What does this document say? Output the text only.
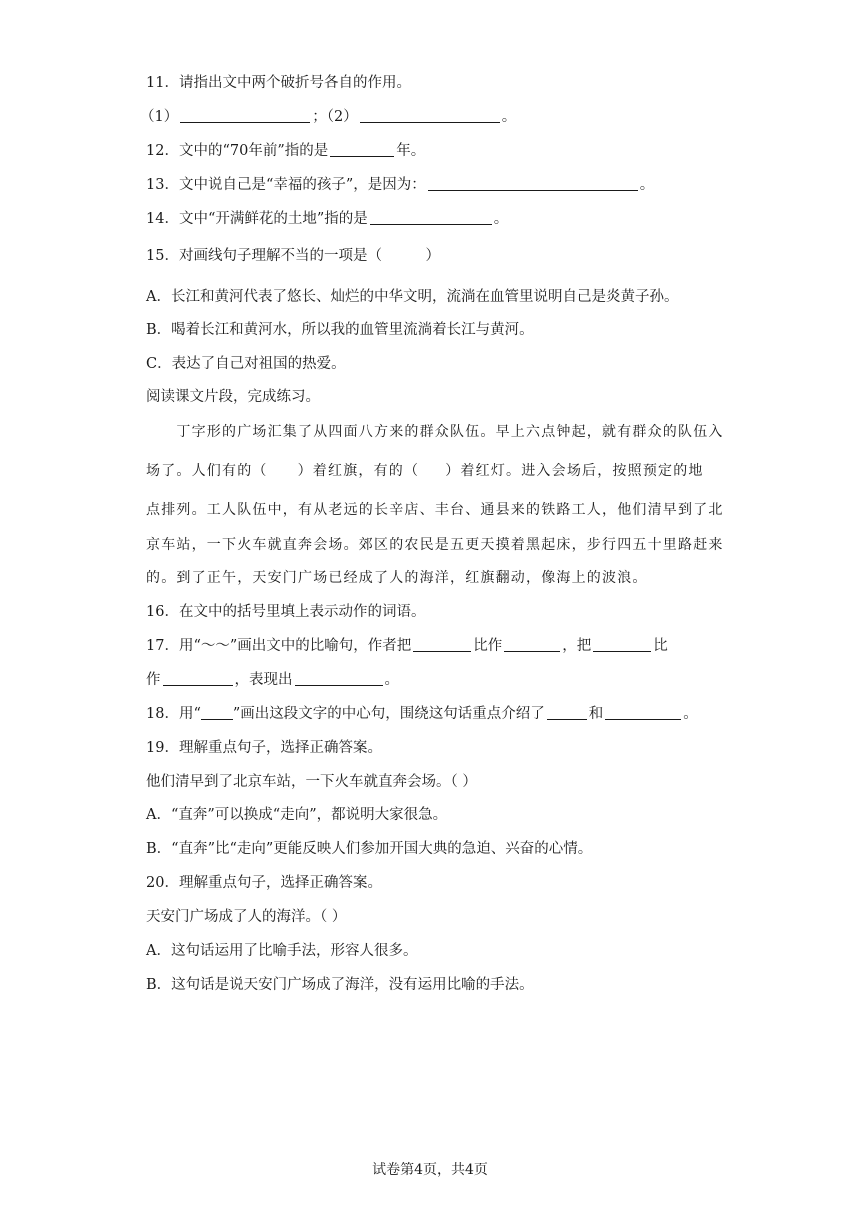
11．请指出文中两个破折号各自的作用。
（1）	；（2）	。
12．文中的“70年前”指的是	年。
13．文中说自己是“幸福的孩子”，是因为：	。
14．文中“开满鲜花的土地”指的是	。
15．对画线句子理解不当的一项是（　　　）
A．长江和黄河代表了悠长、灿烂的中华文明，流淌在血管里说明自己是炎黄子孙。
B．喝着长江和黄河水，所以我的血管里流淌着长江与黄河。
C．表达了自己对祖国的热爱。
阅读课文片段，完成练习。
　　丁字形的广场汇集了从四面八方来的群众队伍。早上六点钟起，就有群众的队伍入
场了。人们有的（ ）着红旗，有的（ ）着红灯。进入会场后，按照预定的地
点排列。工人队伍中，有从老远的长辛店、丰台、通县来的铁路工人，他们清早到了北
京车站，一下火车就直奔会场。郊区的农民是五更天摸着黑起床，步行四五十里路赶来
的。到了正午，天安门广场已经成了人的海洋，红旗翻动，像海上的波浪。
16．在文中的括号里填上表示动作的词语。
17．用“～～”画出文中的比喻句，作者把	比作	，把	比
作	，表现出	。
18．用“ ”画出这段文字的中心句，围绕这句话重点介绍了	和	。
19．理解重点句子，选择正确答案。
他们清早到了北京车站，一下火车就直奔会场。（ ）
A．“直奔”可以换成“走向”，都说明大家很急。
B．“直奔”比“走向”更能反映人们参加开国大典的急迫、兴奋的心情。
20．理解重点句子，选择正确答案。
天安门广场成了人的海洋。（ ）
A．这句话运用了比喻手法，形容人很多。
B．这句话是说天安门广场成了海洋，没有运用比喻的手法。
试卷第4页，共4页
